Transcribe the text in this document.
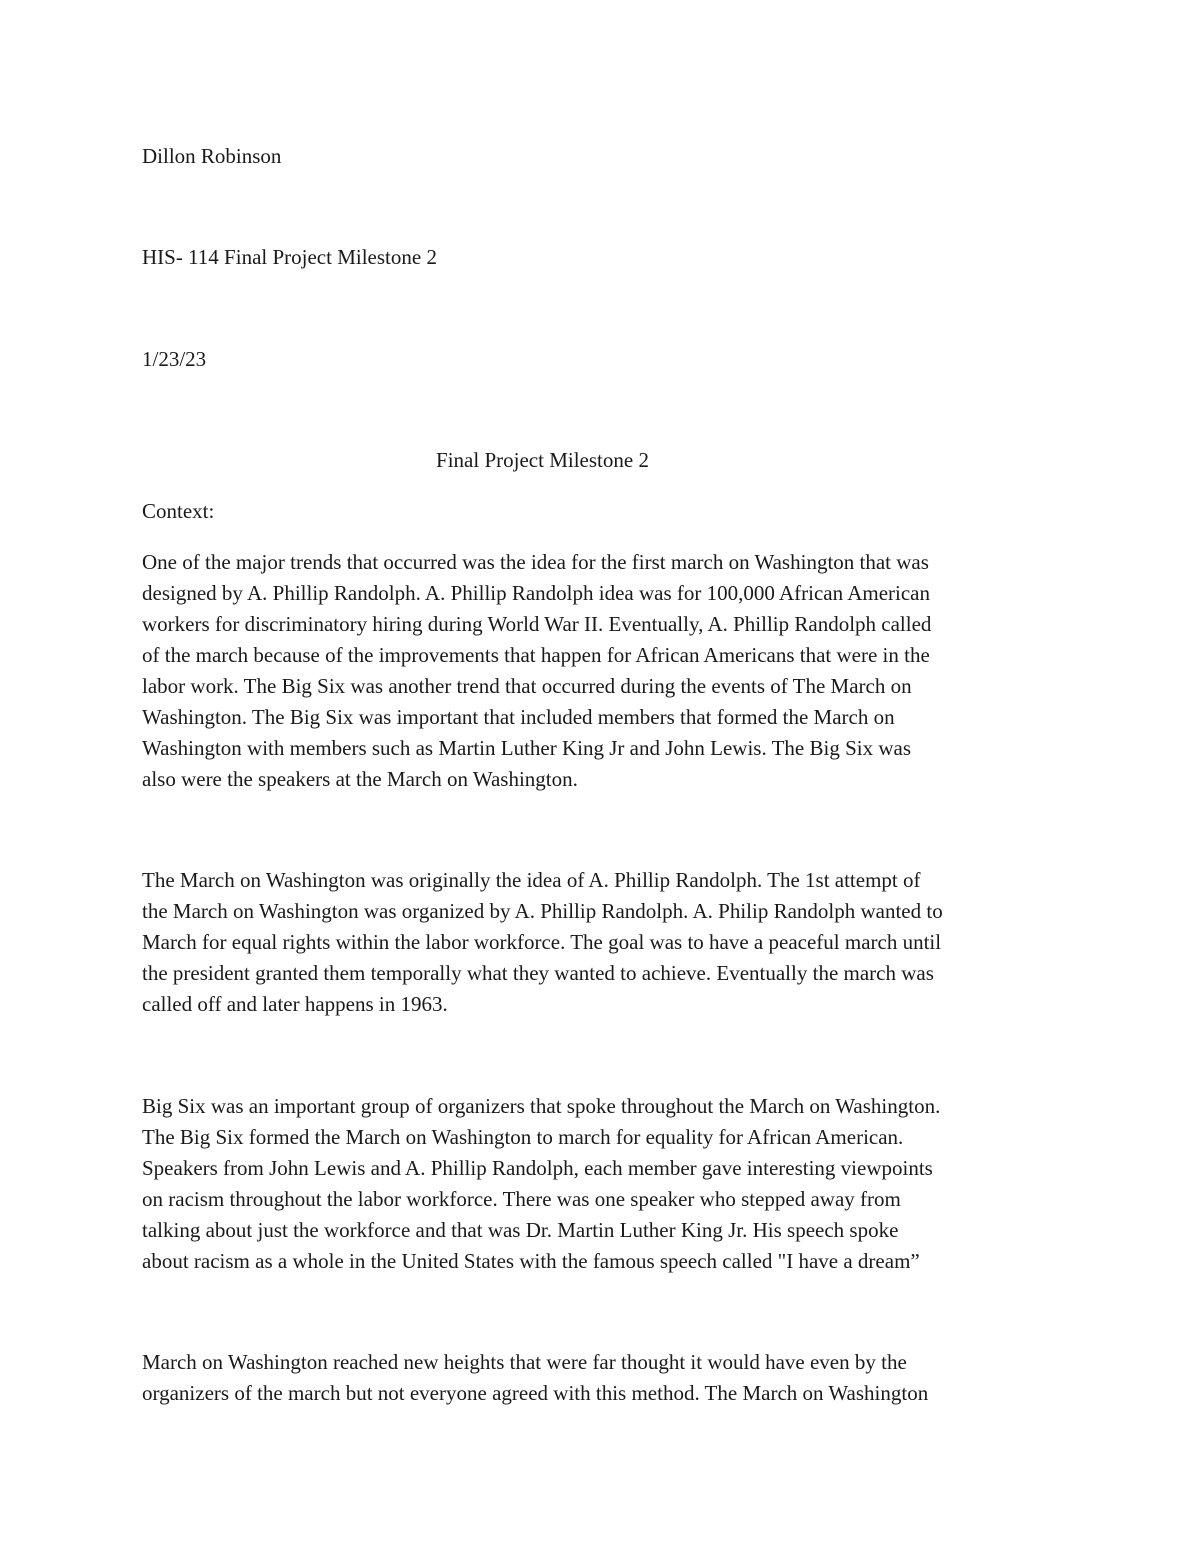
Dillon Robinson

HIS- 114 Final Project Milestone 2

1/23/23

Final Project Milestone 2

Context:

One of the major trends that occurred was the idea for the first march on Washington that was
designed by A. Phillip Randolph. A. Phillip Randolph idea was for 100,000 African American
workers for discriminatory hiring during World War II. Eventually, A. Phillip Randolph called
of the march because of the improvements that happen for African Americans that were in the
labor work. The Big Six was another trend that occurred during the events of The March on
Washington. The Big Six was important that included members that formed the March on
Washington with members such as Martin Luther King Jr and John Lewis. The Big Six was
also were the speakers at the March on Washington.
The March on Washington was originally the idea of A. Phillip Randolph. The 1st attempt of
the March on Washington was organized by A. Phillip Randolph. A. Philip Randolph wanted to
March for equal rights within the labor workforce. The goal was to have a peaceful march until
the president granted them temporally what they wanted to achieve. Eventually the march was
called off and later happens in 1963.
Big Six was an important group of organizers that spoke throughout the March on Washington.
The Big Six formed the March on Washington to march for equality for African American.
Speakers from John Lewis and A. Phillip Randolph, each member gave interesting viewpoints
on racism throughout the labor workforce. There was one speaker who stepped away from
talking about just the workforce and that was Dr. Martin Luther King Jr. His speech spoke
about racism as a whole in the United States with the famous speech called "I have a dream”
March on Washington reached new heights that were far thought it would have even by the
organizers of the march but not everyone agreed with this method. The March on Washington
